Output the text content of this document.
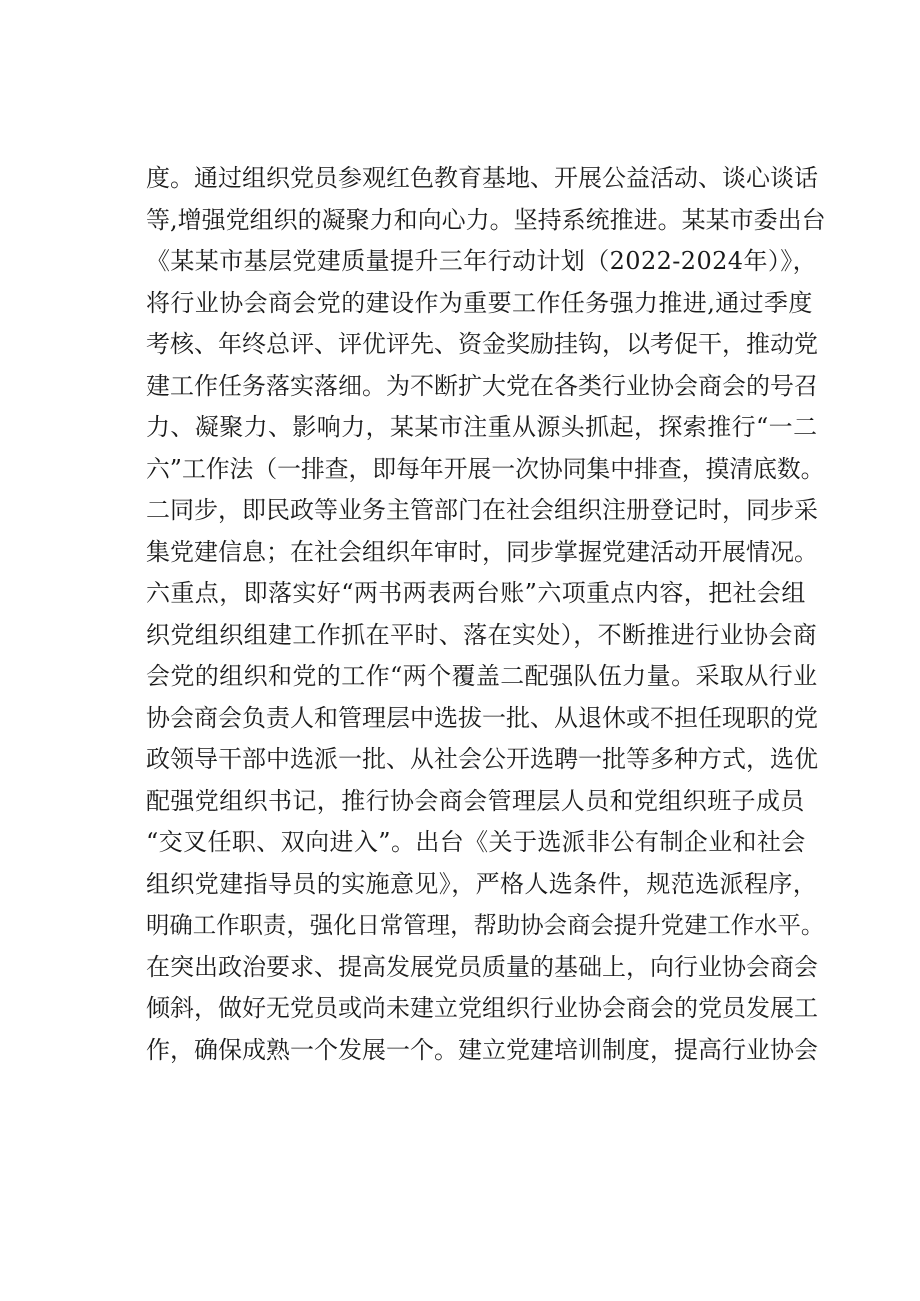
度。通过组织党员参观红色教育基地、开展公益活动、谈心谈话
等,增强党组织的凝聚力和向心力。坚持系统推进。某某市委出台
《某某市基层党建质量提升三年行动计划（2022-2024年）》，
将行业协会商会党的建设作为重要工作任务强力推进,通过季度
考核、年终总评、评优评先、资金奖励挂钩，以考促干，推动党
建工作任务落实落细。为不断扩大党在各类行业协会商会的号召
力、凝聚力、影响力，某某市注重从源头抓起，探索推行“一二
六”工作法（一排查，即每年开展一次协同集中排查，摸清底数。
二同步，即民政等业务主管部门在社会组织注册登记时，同步采
集党建信息；在社会组织年审时，同步掌握党建活动开展情况。
六重点，即落实好“两书两表两台账”六项重点内容，把社会组
织党组织组建工作抓在平时、落在实处），不断推进行业协会商
会党的组织和党的工作“两个覆盖二配强队伍力量。采取从行业
协会商会负责人和管理层中选拔一批、从退休或不担任现职的党
政领导干部中选派一批、从社会公开选聘一批等多种方式，选优
配强党组织书记，推行协会商会管理层人员和党组织班子成员
“交叉任职、双向进入”。出台《关于选派非公有制企业和社会
组织党建指导员的实施意见》，严格人选条件，规范选派程序，
明确工作职责，强化日常管理，帮助协会商会提升党建工作水平。
在突出政治要求、提高发展党员质量的基础上，向行业协会商会
倾斜，做好无党员或尚未建立党组织行业协会商会的党员发展工
作，确保成熟一个发展一个。建立党建培训制度，提高行业协会
